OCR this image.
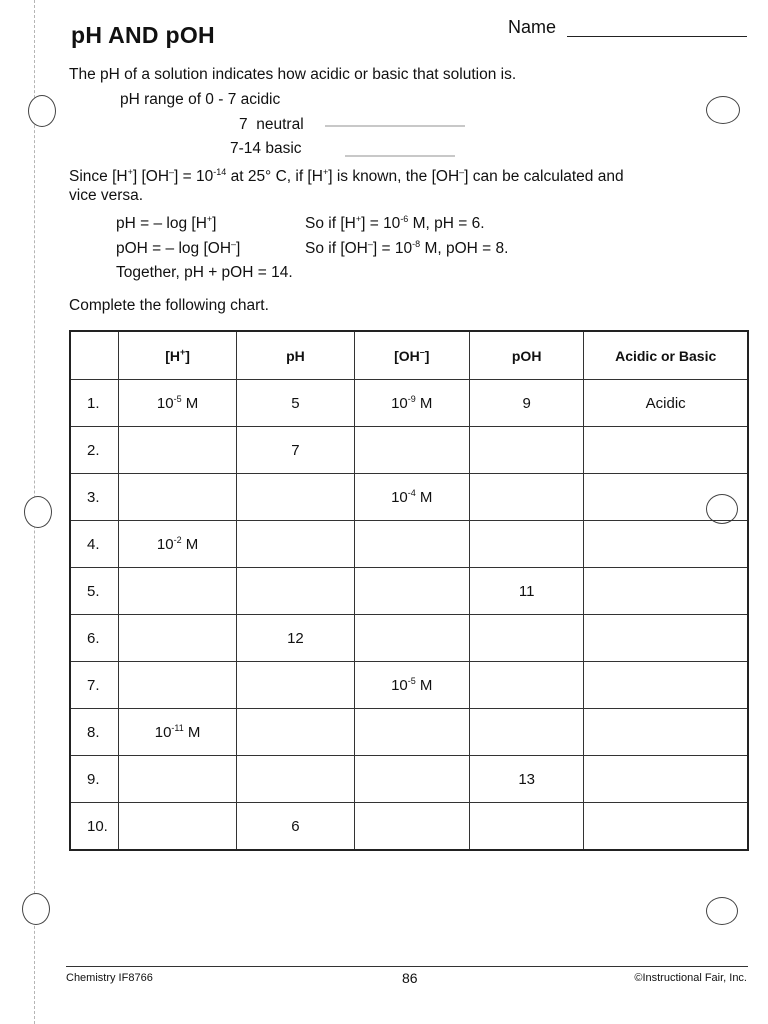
pH AND pOH	Name
The pH of a solution indicates how acidic or basic that solution is.
pH range of 0 - 7 acidic
7 neutral
7-14 basic
Since [H+] $[OH^-] = 10^{-14}$ at 25° C, if [H+] is known, the [OH–] can be calculated and
vice versa.
pH = – log [H+]	So if $[H^+] = 10^{-6}$ M, pH = 6.
pOH = – log [OH–]	So if $[OH^-] = 10^{-8}$ M, pOH = 8.
Together, pH + pOH = 14.
Complete the following chart.
	[H+]	pH	[OH–]	pOH	Acidic or Basic
1.	$10^{-5}$ M	5	$10^{-9}$ M	9	Acidic
2.		7			
3.			$10^{-4}$ M		
4.	$10^{-2}$ M				
5.				11	
6.		12			
7.			$10^{-5}$ M		
8.	$10^{-11}$ M				
9.				13	
10.		6			
Chemistry IF8766	86	©Instructional Fair, Inc.
